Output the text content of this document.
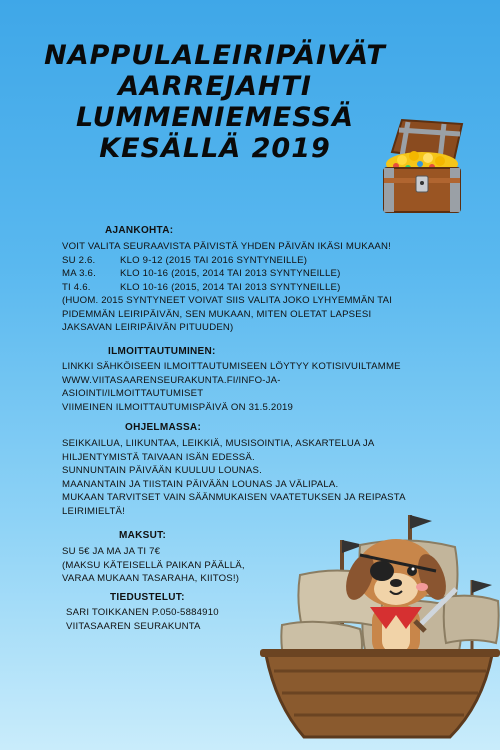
NAPPULALEIRIPÄIVÄT
AARREJAHTI
LUMMENIEMESSÄ
KESÄLLÄ 2019
AJANKOHTA:
VOIT VALITA SEURAAVISTA PÄIVISTÄ YHDEN PÄIVÄN IKÄSI MUKAAN!
SU 2.6.	KLO 9-12 (2015 TAI 2016 SYNTYNEILLE)
MA 3.6.	KLO 10-16 (2015, 2014 TAI 2013 SYNTYNEILLE)
TI 4.6.	KLO 10-16 (2015, 2014 TAI 2013 SYNTYNEILLE)
(HUOM. 2015 SYNTYNEET VOIVAT SIIS VALITA JOKO LYHYEMMÄN TAI
PIDEMMÄN LEIRIPÄIVÄN, SEN MUKAAN, MITEN OLETAT LAPSESI
JAKSAVAN LEIRIPÄIVÄN PITUUDEN)
ILMOITTAUTUMINEN:
LINKKI SÄHKÖISEEN ILMOITTAUTUMISEEN LÖYTYY KOTISIVUILTAMME
WWW.VIITASAARENSEURAKUNTA.FI/INFO-JA-
ASIOINTI/ILMOITTAUTUMISET
VIIMEINEN ILMOITTAUTUMISPÄIVÄ ON 31.5.2019
OHJELMASSA:
SEIKKAILUA, LIIKUNTAA, LEIKKIÄ, MUSISOINTIA, ASKARTELUA JA
HILJENTYMISTÄ TAIVAAN ISÄN EDESSÄ.
SUNNUNTAIN PÄIVÄÄN KUULUU LOUNAS.
MAANANTAIN JA TIISTAIN PÄIVÄÄN LOUNAS JA VÄLIPALA.
MUKAAN TARVITSET VAIN SÄÄNMUKAISEN VAATETUKSEN JA REIPASTA
LEIRIMIELTÄ!
MAKSUT:
SU 5€ JA MA JA TI 7€
(MAKSU KÄTEISELLÄ PAIKAN PÄÄLLÄ,
VARAA MUKAAN TASARAHA, KIITOS!)
TIEDUSTELUT:
SARI TOIKKANEN P.050-5884910
VIITASAAREN SEURAKUNTA
